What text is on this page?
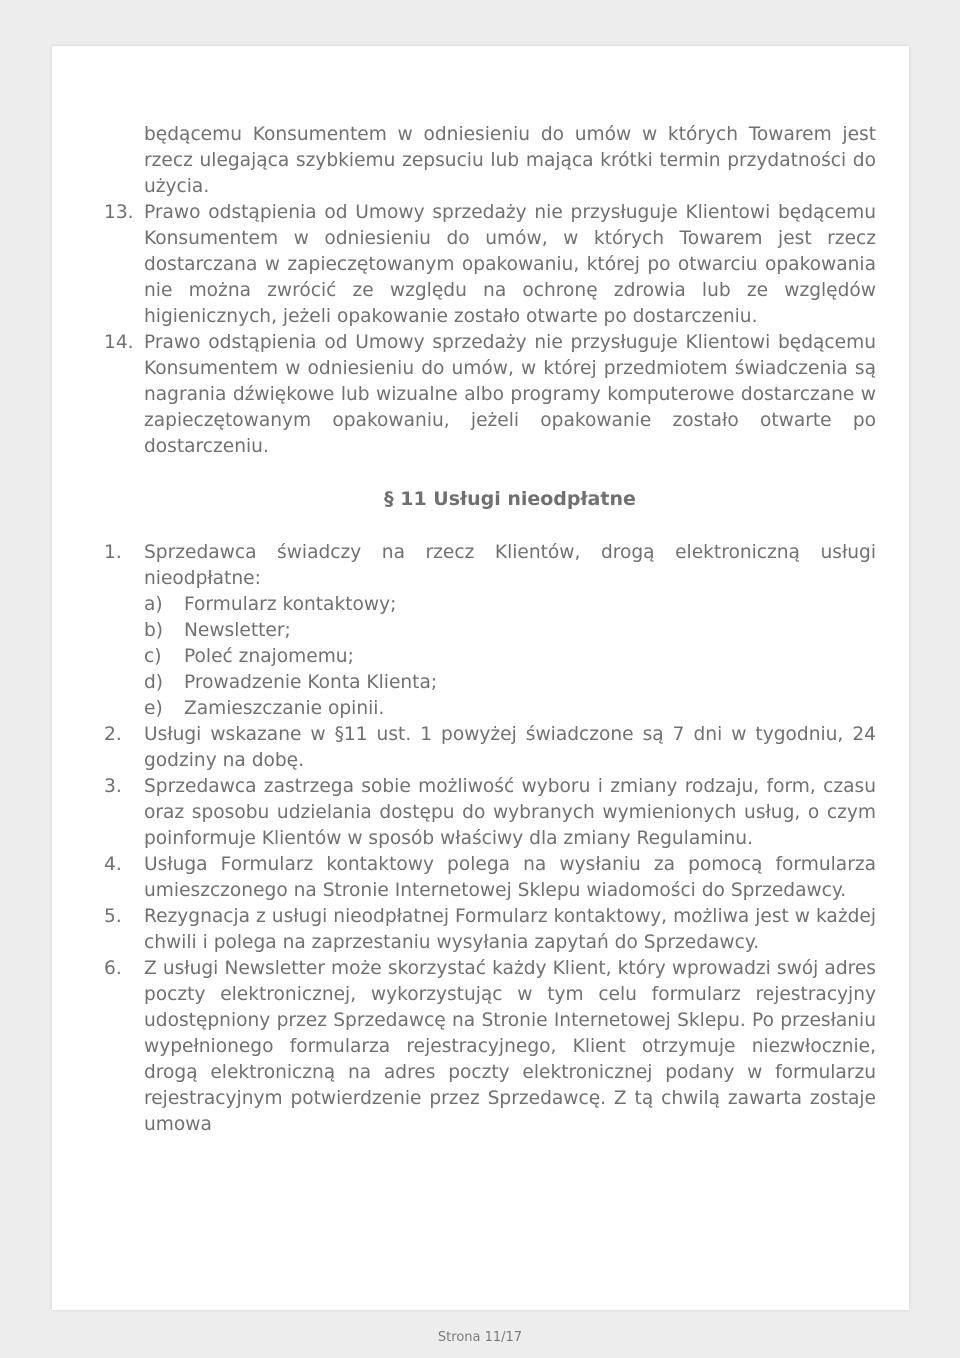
będącemu Konsumentem w odniesieniu do umów w których Towarem jest rzecz ulegająca szybkiemu zepsuciu lub mająca krótki termin przydatności do użycia.
13. Prawo odstąpienia od Umowy sprzedaży nie przysługuje Klientowi będącemu Konsumentem w odniesieniu do umów, w których Towarem jest rzecz dostarczana w zapieczętowanym opakowaniu, której po otwarciu opakowania nie można zwrócić ze względu na ochronę zdrowia lub ze względów higienicznych, jeżeli opakowanie zostało otwarte po dostarczeniu.
14. Prawo odstąpienia od Umowy sprzedaży nie przysługuje Klientowi będącemu Konsumentem w odniesieniu do umów, w której przedmiotem świadczenia są nagrania dźwiękowe lub wizualne albo programy komputerowe dostarczane w zapieczętowanym opakowaniu, jeżeli opakowanie zostało otwarte po dostarczeniu.
§ 11 Usługi nieodpłatne
1.	Sprzedawca świadczy na rzecz Klientów, drogą elektroniczną usługi nieodpłatne:
a) Formularz kontaktowy;
b) Newsletter;
c) Poleć znajomemu;
d) Prowadzenie Konta Klienta;
e) Zamieszczanie opinii.
2.	Usługi wskazane w §11 ust. 1 powyżej świadczone są 7 dni w tygodniu, 24 godziny na dobę.
3.	Sprzedawca zastrzega sobie możliwość wyboru i zmiany rodzaju, form, czasu oraz sposobu udzielania dostępu do wybranych wymienionych usług, o czym poinformuje Klientów w sposób właściwy dla zmiany Regulaminu.
4.	Usługa Formularz kontaktowy polega na wysłaniu za pomocą formularza umieszczonego na Stronie Internetowej Sklepu wiadomości do Sprzedawcy.
5.	Rezygnacja z usługi nieodpłatnej Formularz kontaktowy, możliwa jest w każdej chwili i polega na zaprzestaniu wysyłania zapytań do Sprzedawcy.
6.	Z usługi Newsletter może skorzystać każdy Klient, który wprowadzi swój adres poczty elektronicznej, wykorzystując w tym celu formularz rejestracyjny udostępniony przez Sprzedawcę na Stronie Internetowej Sklepu. Po przesłaniu wypełnionego formularza rejestracyjnego, Klient otrzymuje niezwłocznie, drogą elektroniczną na adres poczty elektronicznej podany w formularzu rejestracyjnym potwierdzenie przez Sprzedawcę. Z tą chwilą zawarta zostaje umowa
Strona 11/17
